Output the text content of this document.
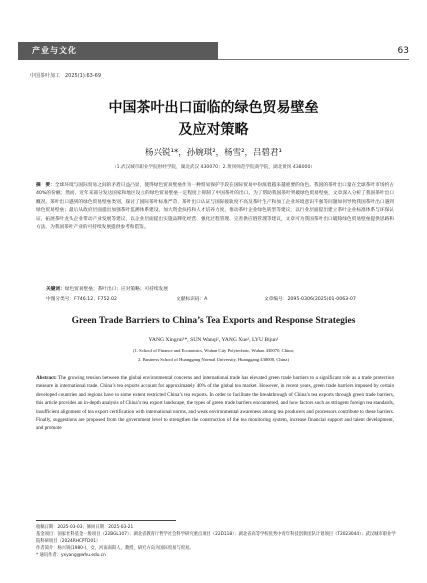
产业与文化	63
中国茶叶加工　2025(1):63-69
中国茶叶出口面临的绿色贸易壁垒
及应对策略
杨兴锐¹*，孙婉琪²，杨雪²，吕碧君¹
（1.武汉城市职业学院财经学院，湖北武汉 430070；2.黄冈师范学院商学院，湖北黄冈 438000）
摘　要：全球环境与国际贸易之间的矛盾日益凸显，使得绿色贸易壁垒作为一种贸易保护手段在国际贸易中扮演着越来越重要的角色。我国的茶叶出口量在全球茶叶市场约占 40%的份额；然而，近年来部分发达国家和地区设立的绿色贸易壁垒一定程度上抑制了中国茶叶的出口。为了帮助我国茶叶突破绿色贸易壁垒，文章深入分析了我国茶叶出口概况，茶叶出口遇到的绿色贸易壁垒类别，探讨了国际茶叶标准严苛、茶叶出口认证与国际接轨度不高及茶叶生产和加工企业环境意识不强等问题如何导致我国茶叶出口遇到绿色贸易壁垒；最后从政府层面提出加强茶叶监测体系建设、加大资金扶持和人才培养力度，推动茶叶企业绿色转型等建议，以行业层面提出建立茶叶企业标准体系与环保认证、拓展茶叶龙头企业带动产业发展等建议，以企业层面提出实施品牌化经营、强化过程管理、完善供应链管理等建议，文章可为我国茶叶出口破除绿色贸易壁垒提供思路和方法，为我国茶叶产业的可持续发展提供参考和借鉴。
关键词：绿色贸易壁垒；茶叶出口；应对策略；可持续发展
中图分类号：F746.12；F752.02	文献标识码：A	文章编号：2095-0306(2025)01-0063-07
Green Trade Barriers to China’s Tea Exports and Response Strategies
YANG Xingrui¹*, SUN Wanqi², YANG Xue², LYU Bijun¹
(1. School of Finance and Economics, Wuhan City Polytechnic, Wuhan 430070, China;
2. Business School of Huanggang Normal University, Huanggang 438000, China)
Abstract: The growing tension between the global environmental concerns and international trade has elevated green trade barriers to a significant role as a trade protection measure in international trade. China’s tea exports account for approximately 40% of the global tea market. However, in recent years, green trade barriers imposed by certain developed countries and regions have to some extent restricted China’s tea exports. In order to facilitate the breakthrough of China’s tea exports through green trade barriers, this article provides an in-depth analysis of China’s tea export landscape, the types of green trade barriers encountered, and how factors such as stringent foreign tea standards, insufficient alignment of tea export certification with international norms, and weak environmental awareness among tea producers and processors contribute to these barriers. Finally, suggestions are proposed from the government level to strengthen the construction of the tea monitoring system, increase financial support and talent development, and promote
收稿日期：2025-03-03；修回日期：2025-03-21
基金项目：国家社科基金一般项目（22BGL107）；湖北省教育厅哲学社会科学研究重点项目（22D118）；湖北省高等学校优秀中青年科技创新团队计划项目（T2023044）；武汉城市职业学院科研项目（2024RHCPTD01）
作者简介：杨兴锐(1980-)，女，河南南阳人，教授，研究方向为国际贸易与贸易。
* 通讯作者：yxyang@whu.edu.cn
